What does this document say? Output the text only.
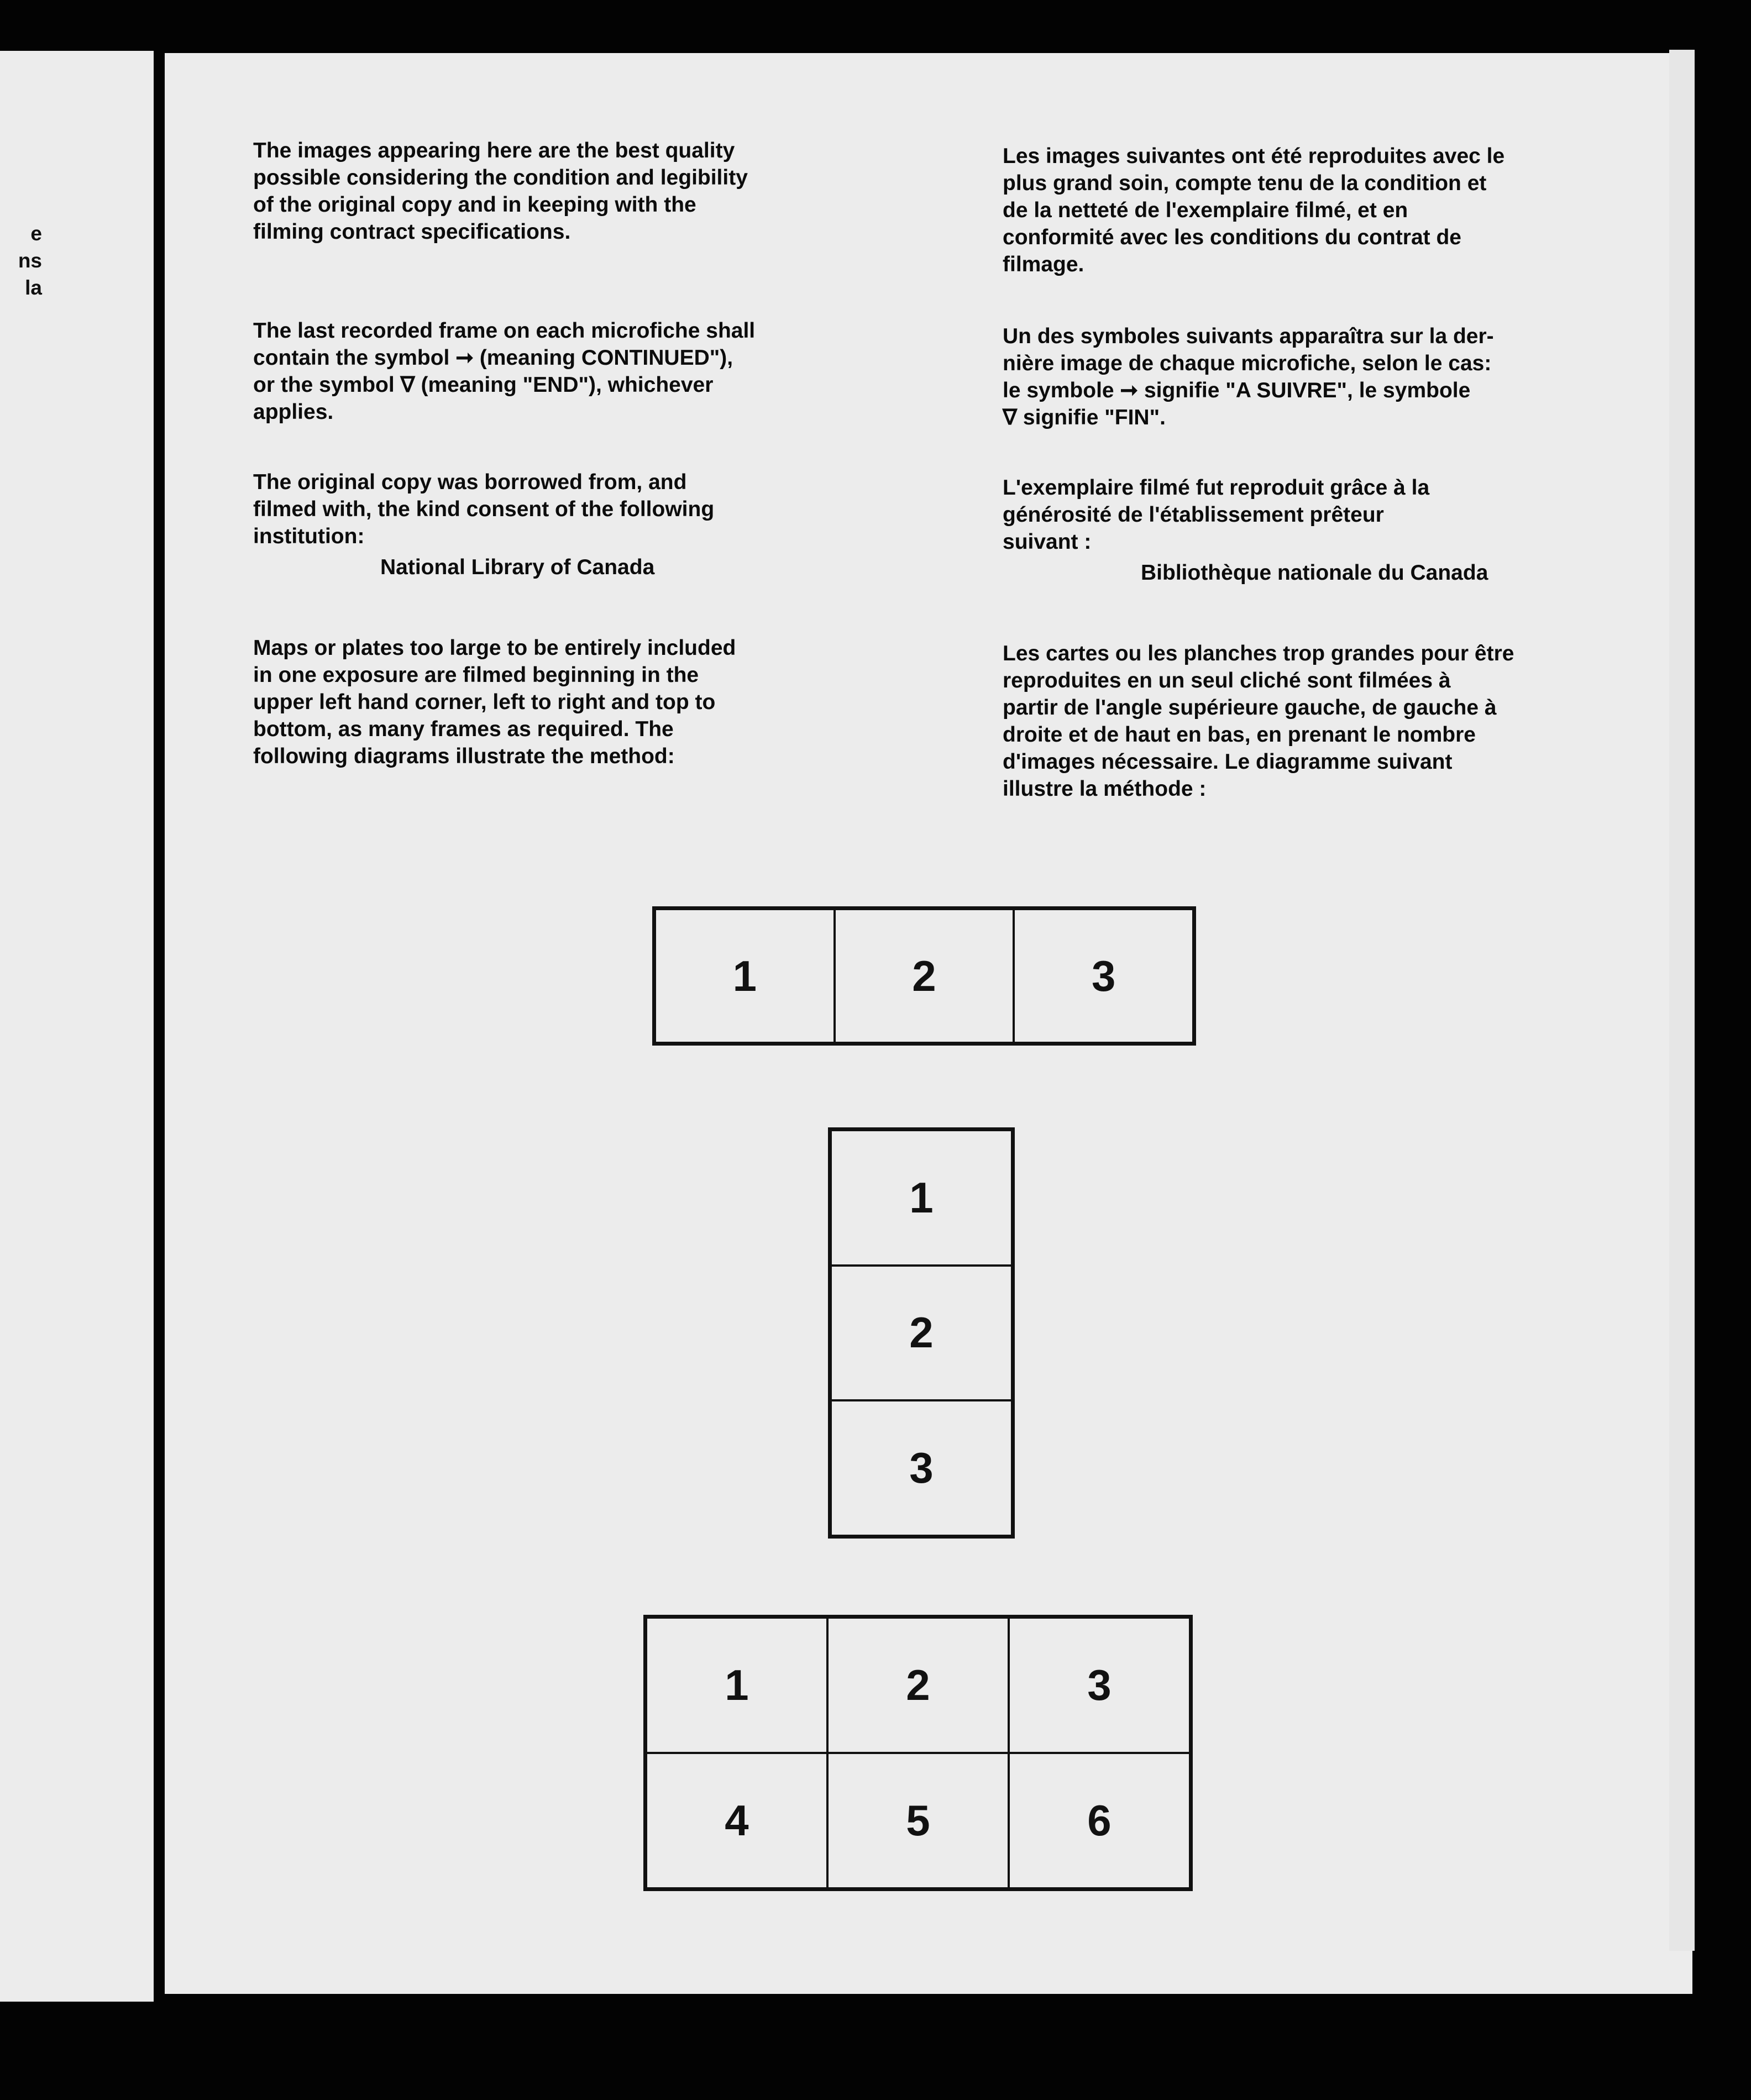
e
ns
la
The images appearing here are the best quality
possible considering the condition and legibility
of the original copy and in keeping with the
filming contract specifications.
The last recorded frame on each microfiche shall
contain the symbol ➞ (meaning CONTINUED"),
or the symbol ∇ (meaning "END"), whichever
applies.
The original copy was borrowed from, and
filmed with, the kind consent of the following
institution:
National Library of Canada
Maps or plates too large to be entirely included
in one exposure are filmed beginning in the
upper left hand corner, left to right and top to
bottom, as many frames as required. The
following diagrams illustrate the method:
Les images suivantes ont été reproduites avec le
plus grand soin, compte tenu de la condition et
de la netteté de l'exemplaire filmé, et en
conformité avec les conditions du contrat de
filmage.
Un des symboles suivants apparaîtra sur la der-
nière image de chaque microfiche, selon le cas:
le symbole ➞ signifie "A SUIVRE", le symbole
∇ signifie "FIN".
L'exemplaire filmé fut reproduit grâce à la
générosité de l'établissement prêteur
suivant :
Bibliothèque nationale du Canada
Les cartes ou les planches trop grandes pour être
reproduites en un seul cliché sont filmées à
partir de l'angle supérieure gauche, de gauche à
droite et de haut en bas, en prenant le nombre
d'images nécessaire. Le diagramme suivant
illustre la méthode :
1	2	3
1
2
3
1	2	3
4	5	6
